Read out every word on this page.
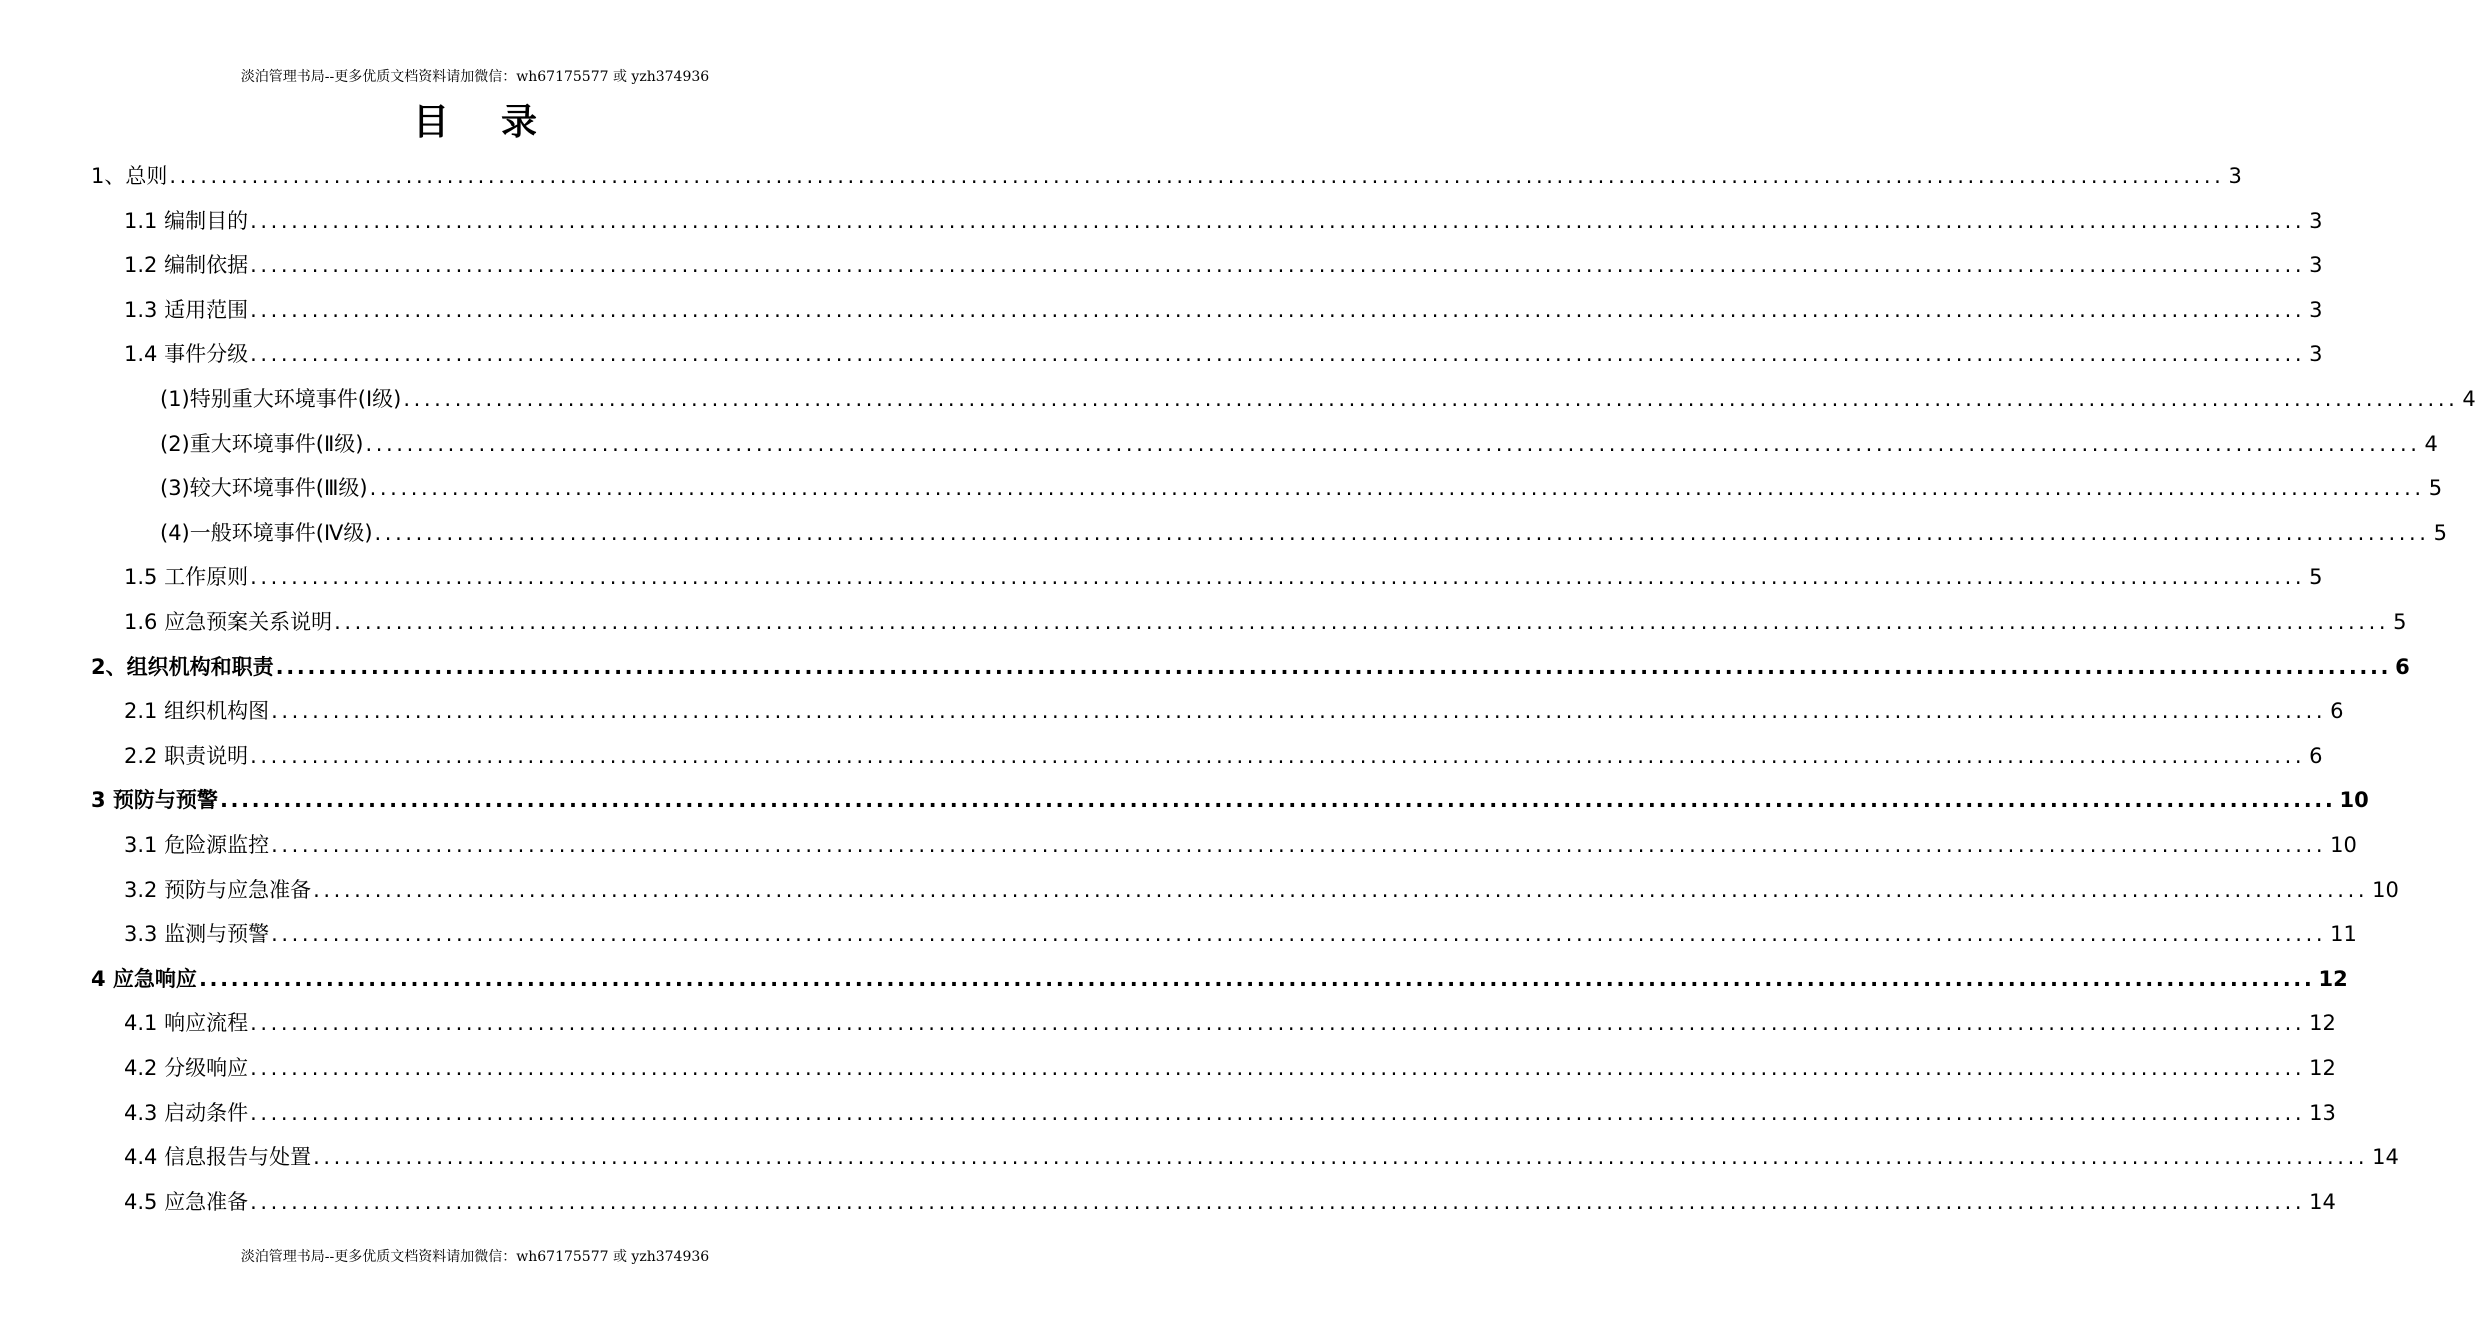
淡泊管理书局--更多优质文档资料请加微信：wh67175577 或 yzh374936
目录
1、总则 ........................................................................................................................................................................................................ 3
1.1 编制目的 ........................................................................................................................................................................................................ 3
1.2 编制依据 ........................................................................................................................................................................................................ 3
1.3 适用范围 ........................................................................................................................................................................................................ 3
1.4 事件分级 ........................................................................................................................................................................................................ 3
(1)特别重大环境事件(Ⅰ级) ........................................................................................................................................................................................................ 4
(2)重大环境事件(Ⅱ级) ........................................................................................................................................................................................................ 4
(3)较大环境事件(Ⅲ级) ........................................................................................................................................................................................................ 5
(4)一般环境事件(Ⅳ级) ........................................................................................................................................................................................................ 5
1.5 工作原则 ........................................................................................................................................................................................................ 5
1.6 应急预案关系说明 ........................................................................................................................................................................................................ 5
2、组织机构和职责 ........................................................................................................................................................................................................ 6
2.1 组织机构图 ........................................................................................................................................................................................................ 6
2.2 职责说明 ........................................................................................................................................................................................................ 6
3 预防与预警 ........................................................................................................................................................................................................ 10
3.1 危险源监控 ........................................................................................................................................................................................................ 10
3.2 预防与应急准备 ........................................................................................................................................................................................................ 10
3.3 监测与预警 ........................................................................................................................................................................................................ 11
4 应急响应 ........................................................................................................................................................................................................ 12
4.1 响应流程 ........................................................................................................................................................................................................ 12
4.2 分级响应 ........................................................................................................................................................................................................ 12
4.3 启动条件 ........................................................................................................................................................................................................ 13
4.4 信息报告与处置 ........................................................................................................................................................................................................ 14
4.5 应急准备 ........................................................................................................................................................................................................ 14
淡泊管理书局--更多优质文档资料请加微信：wh67175577 或 yzh374936
